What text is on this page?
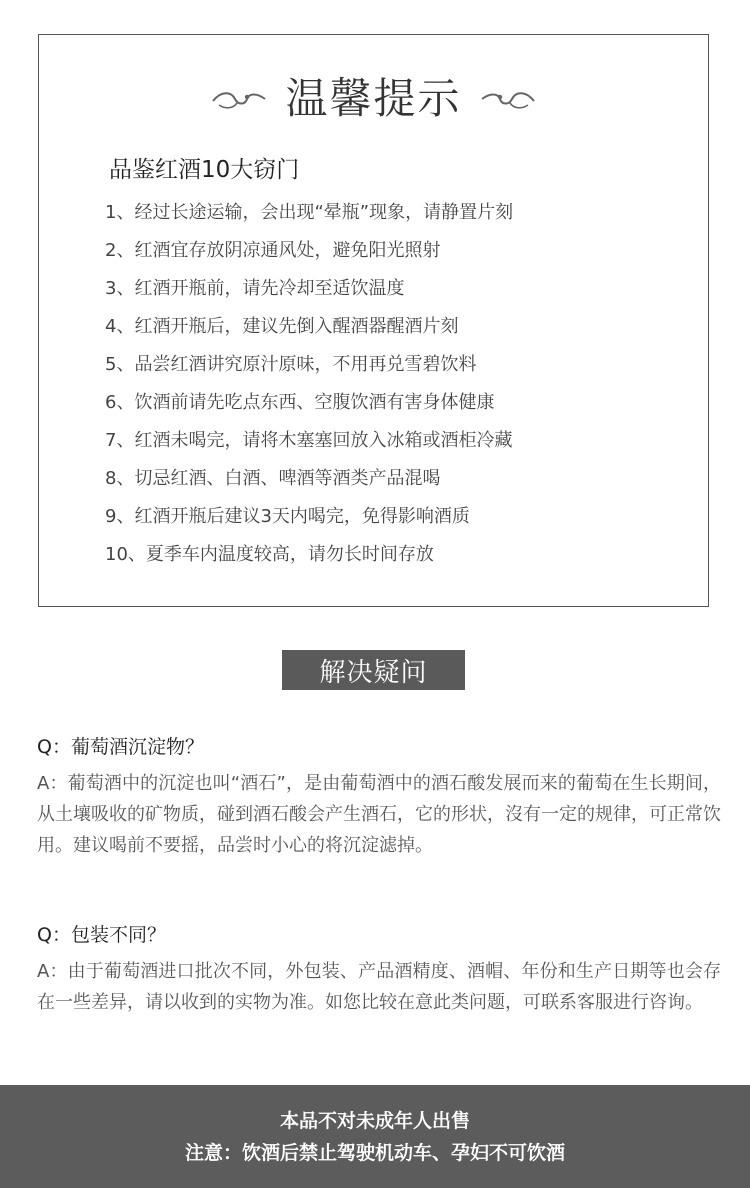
温馨提示
品鉴红酒10大窃门
1、经过长途运输，会出现“晕瓶”现象，请静置片刻
2、红酒宜存放阴凉通风处，避免阳光照射
3、红酒开瓶前，请先冷却至适饮温度
4、红酒开瓶后，建议先倒入醒酒器醒酒片刻
5、品尝红酒讲究原汁原味，不用再兑雪碧饮料
6、饮酒前请先吃点东西、空腹饮酒有害身体健康
7、红酒未喝完，请将木塞塞回放入冰箱或酒柜冷藏
8、切忌红酒、白酒、啤酒等酒类产品混喝
9、红酒开瓶后建议3天内喝完，免得影响酒质
10、夏季车内温度较高，请勿长时间存放
解决疑问
Q：葡萄酒沉淀物？
A：葡萄酒中的沉淀也叫“酒石”，是由葡萄酒中的酒石酸发展而来的葡萄在生长期间，从土壤吸收的矿物质，碰到酒石酸会产生酒石，它的形状，沒有一定的规律，可正常饮用。建议喝前不要摇，品尝时小心的将沉淀滤掉。
Q：包装不同？
A：由于葡萄酒进口批次不同，外包装、产品酒精度、酒帽、年份和生产日期等也会存在一些差异，请以收到的实物为准。如您比较在意此类问题，可联系客服进行咨询。
本品不对未成年人出售
注意：饮酒后禁止驾驶机动车、孕妇不可饮酒
